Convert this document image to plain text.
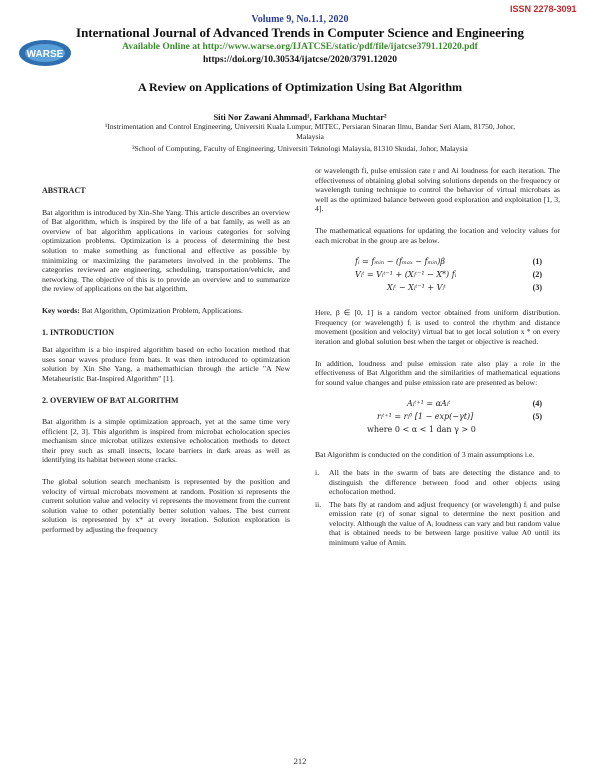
ISSN 2278-3091
Volume 9, No.1.1, 2020
International Journal of Advanced Trends in Computer Science and Engineering
WARSE
Available Online at http://www.warse.org/IJATCSE/static/pdf/file/ijatcse3791.12020.pdf
https://doi.org/10.30534/ijatcse/2020/3791.12020
A Review on Applications of Optimization Using Bat Algorithm
Siti Nor Zawani Ahmmad¹, Farkhana Muchtar²
¹Instrimentation and Control Engineering, Universiti Kuala Lumpur, MITEC, Persiaran Sinaran Ilmu, Bandar Seri Alam, 81750, Johor, Malaysia
²School of Computing, Faculty of Engineering, Universiti Teknologi Malaysia, 81310 Skudai, Johor, Malaysia

ABSTRACT

Bat algorithm is introduced by Xin-She Yang. This article describes an overview of Bat algorithm, which is inspired by the life of a bat family, as well as an overview of bat algorithm applications in various categories for solving optimization problems. Optimization is a process of determining the best solution to make something as functional and effective as possible by minimizing or maximizing the parameters involved in the problems. The categories reviewed are engineering, scheduling, transportation/vehicle, and networking. The objective of this is to provide an overview and to summarize the review of applications on the bat algorithm.

Key words: Bat Algorithm, Optimization Problem, Applications.

1. INTRODUCTION

Bat algorithm is a bio inspired algorithm based on echo location method that uses sonar waves produce from bats. It was then introduced to optimization solution by Xin She Yang, a mathemathician through the article "A New Metaheuristic Bat-Inspired Algorithm" [1].

2. OVERVIEW OF BAT ALGORITHM

Bat algorithm is a simple optimization approach, yet at the same time very efficient [2, 3]. This algorithm is inspired from microbat echolocation species mechanism since microbat utilizes extensive echolocation methods to detect their prey such as small insects, locate barriers in dark areas as well as identifying its habitat between stone cracks.

The global solution search mechanism is represented by the position and velocity of virtual microbats movement at random. Position xi represents the current solution value and velocity vi represents the movement from the current solution value to other potentially better solution values. The best current solution is represented by x* at every iteration. Solution exploration is performed by adjusting the frequency

or wavelength fi, pulse emission rate r and Ai loudness for each iteration. The effectiveness of obtaining global solving solutions depends on the frequency or wavelength tuning technique to control the behavior of virtual microbats as well as the optimized balance between good exploration and exploitation [1, 3, 4].

The mathematical equations for updating the location and velocity values for each microbat in the group are as below.

fᵢ = fₘᵢₙ − (fₘₐₓ − fₘᵢₙ)β	(1)
Vᵢᵗ = Vᵢᵗ⁻¹ + (Xᵢᵗ⁻¹ − X*) fᵢ	(2)
Xᵢᵗ − Xᵢᵗ⁻¹ + Vᵢᵗ	(3)

Here, β ∈ [0, 1] is a random vector obtained from uniform distribution. Frequency (or wavelength) fᵢ is used to control the rhythm and distance movement (position and velocity) virtual bat to get local solution x * on every iteration and global solution best when the target or objective is reached.

In addition, loudness and pulse emission rate also play a role in the effectiveness of Bat Algorithm and the similarities of mathematical equations for sound value changes and pulse emission rate are presented as below:

Aᵢᵗ⁺¹ = αAᵢᵗ	(4)
rᵢᵗ⁺¹ = rᵢ⁰ [1 − exp(−γt)]	(5)
where 0 < α < 1 dan γ > 0

Bat Algorithm is conducted on the condition of 3 main assumptions i.e.

i. All the bats in the swarm of bats are detecting the distance and to distinguish the difference between food and other objects using echolocation method.
ii. The bats fly at random and adjust frequency (or wavelength) fᵢ and pulse emission rate (r) of sonar signal to determine the next position and velocity. Although the value of Aᵢ loudness can vary and but random value that is obtained needs to be between large positive value A0 until its minimum value of Amin.
212
